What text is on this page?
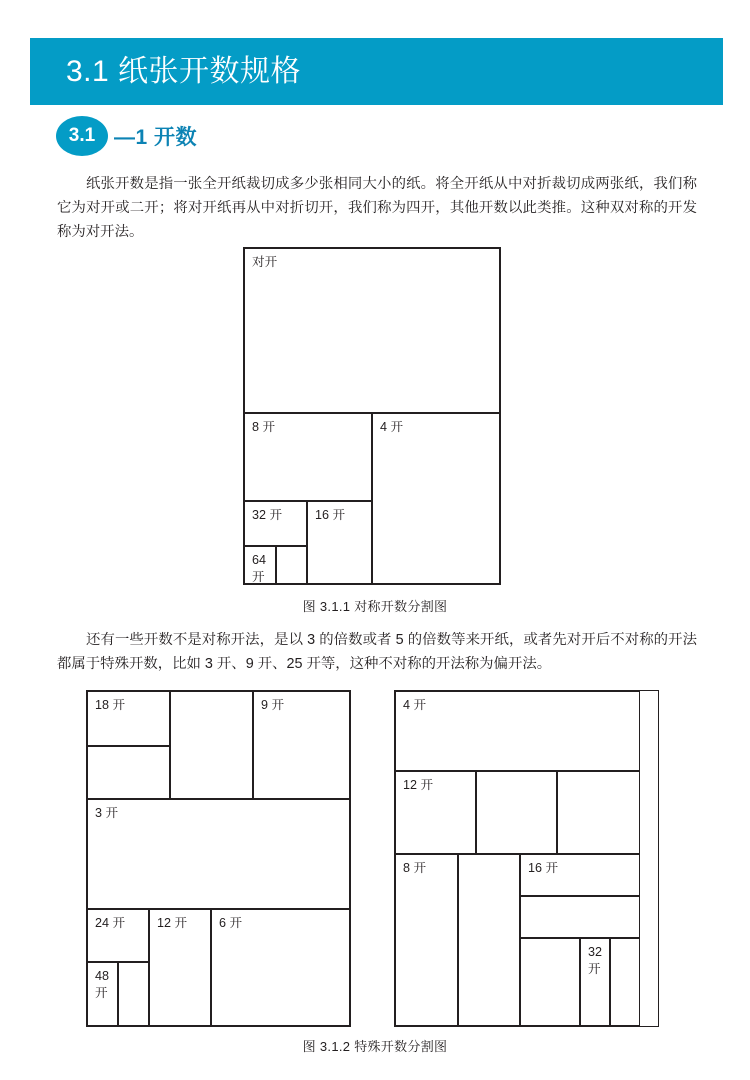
3.1 纸张开数规格
3.1 —1 开数
纸张开数是指一张全开纸裁切成多少张相同大小的纸。将全开纸从中对折裁切成两张纸，我们称它为对开或二开；将对开纸再从中对折切开，我们称为四开，其他开数以此类推。这种双对称的开发称为对开法。
对开
8 开	4 开
32 开	16 开
64 开
图 3.1.1 对称开数分割图
还有一些开数不是对称开法，是以 3 的倍数或者 5 的倍数等来开纸，或者先对开后不对称的开法都属于特殊开数，比如 3 开、9 开、25 开等，这种不对称的开法称为偏开法。
18 开	9 开
3 开
24 开
48 开
12 开	6 开
4 开
12 开
8 开	16 开
32 开
图 3.1.2 特殊开数分割图
